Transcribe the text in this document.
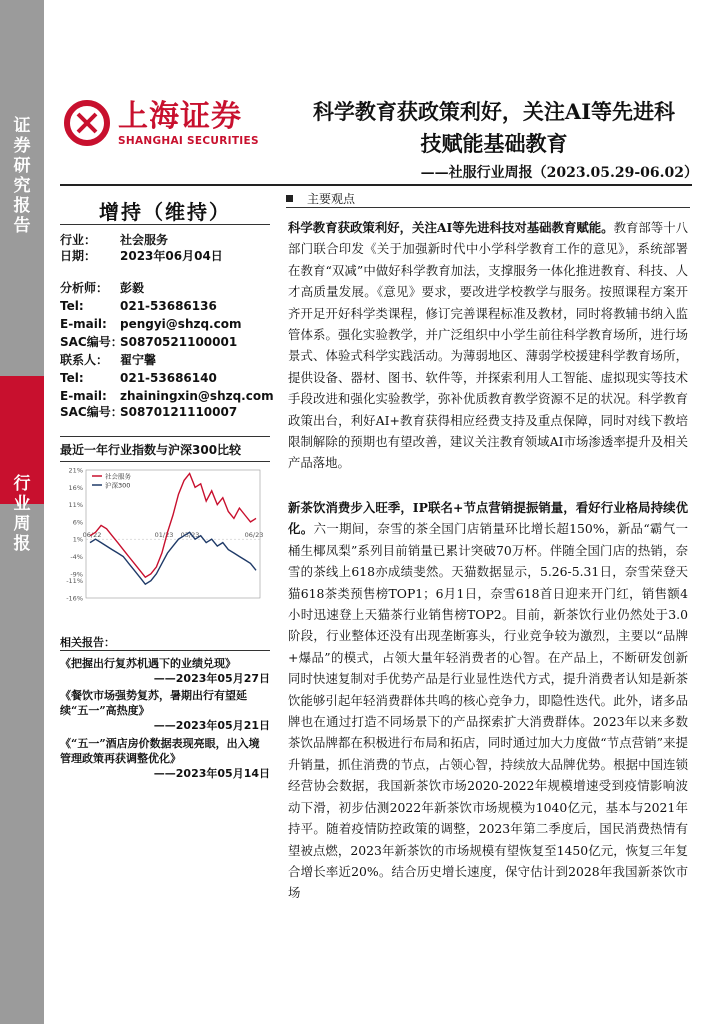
证
券
研
究
报
告
行
业
周
报
上海证券
SHANGHAI SECURITIES
科学教育获政策利好，关注AI等先进科
技赋能基础教育
——社服行业周报（2023.05.29-06.02）
增持（维持）
行业： 社会服务
日期： 2023年06月04日
分析师： 彭毅
Tel:	021-53686136
E-mail: pengyi@shzq.com
SAC编号：S0870521100001
联系人： 翟宁馨
Tel:	021-53686140
E-mail: zhainingxin@shzq.com
SAC编号：S0870121110007
最近一年行业指数与沪深300比较
21%
16%
11%
6%
1%
-4%
-9%
-11%
-16%
06/22	01/23 03/23	06/23
社会服务
沪深300
相关报告：
《把握出行复苏机遇下的业绩兑现》
——2023年05月27日
《餐饮市场强势复苏，暑期出行有望延续“五一”高热度》
——2023年05月21日
《“五一”酒店房价数据表现亮眼，出入境管理政策再获调整优化》
——2023年05月14日
主要观点
科学教育获政策利好，关注AI等先进科技对基础教育赋能。教育部等十八部门联合印发《关于加强新时代中小学科学教育工作的意见》，系统部署在教育“双减”中做好科学教育加法，支撑服务一体化推进教育、科技、人才高质量发展。《意见》要求，要改进学校教学与服务。按照课程方案开齐开足开好科学类课程，修订完善课程标准及教材，同时将教辅书纳入监管体系。强化实验教学，并广泛组织中小学生前往科学教育场所，进行场景式、体验式科学实践活动。为薄弱地区、薄弱学校援建科学教育场所，提供设备、器材、图书、软件等，并探索利用人工智能、虚拟现实等技术手段改进和强化实验教学，弥补优质教育教学资源不足的状况。科学教育政策出台，利好AI+教育获得相应经费支持及重点保障，同时对线下教培限制解除的预期也有望改善，建议关注教育领域AI市场渗透率提升及相关产品落地。
新茶饮消费步入旺季，IP联名+节点营销提振销量，看好行业格局持续优化。六一期间，奈雪的茶全国门店销量环比增长超150%，新品“霸气一桶生椰凤梨”系列目前销量已累计突破70万杯。伴随全国门店的热销，奈雪的茶线上618亦成绩斐然。天猫数据显示，5.26-5.31日，奈雪荣登天猫618茶类预售榜TOP1；6月1日，奈雪618首日迎来开门红，销售额4小时迅速登上天猫茶行业销售榜TOP2。目前，新茶饮行业仍然处于3.0阶段，行业整体还没有出现垄断寡头，行业竞争较为激烈，主要以“品牌+爆品”的模式，占领大量年轻消费者的心智。在产品上，不断研发创新同时快速复制对手优势产品是行业显性迭代方式，提升消费者认知是新茶饮能够引起年轻消费群体共鸣的核心竞争力，即隐性迭代。此外，诸多品牌也在通过打造不同场景下的产品探索扩大消费群体。2023年以来多数茶饮品牌都在积极进行布局和拓店，同时通过加大力度做“节点营销”来提升销量，抓住消费的节点，占领心智，持续放大品牌优势。根据中国连锁经营协会数据，我国新茶饮市场2020-2022年规模增速受到疫情影响波动下滑，初步估测2022年新茶饮市场规模为1040亿元，基本与2021年持平。随着疫情防控政策的调整，2023年第二季度后，国民消费热情有望被点燃，2023年新茶饮的市场规模有望恢复至1450亿元，恢复三年复合增长率近20%。结合历史增长速度，保守估计到2028年我国新茶饮市场
